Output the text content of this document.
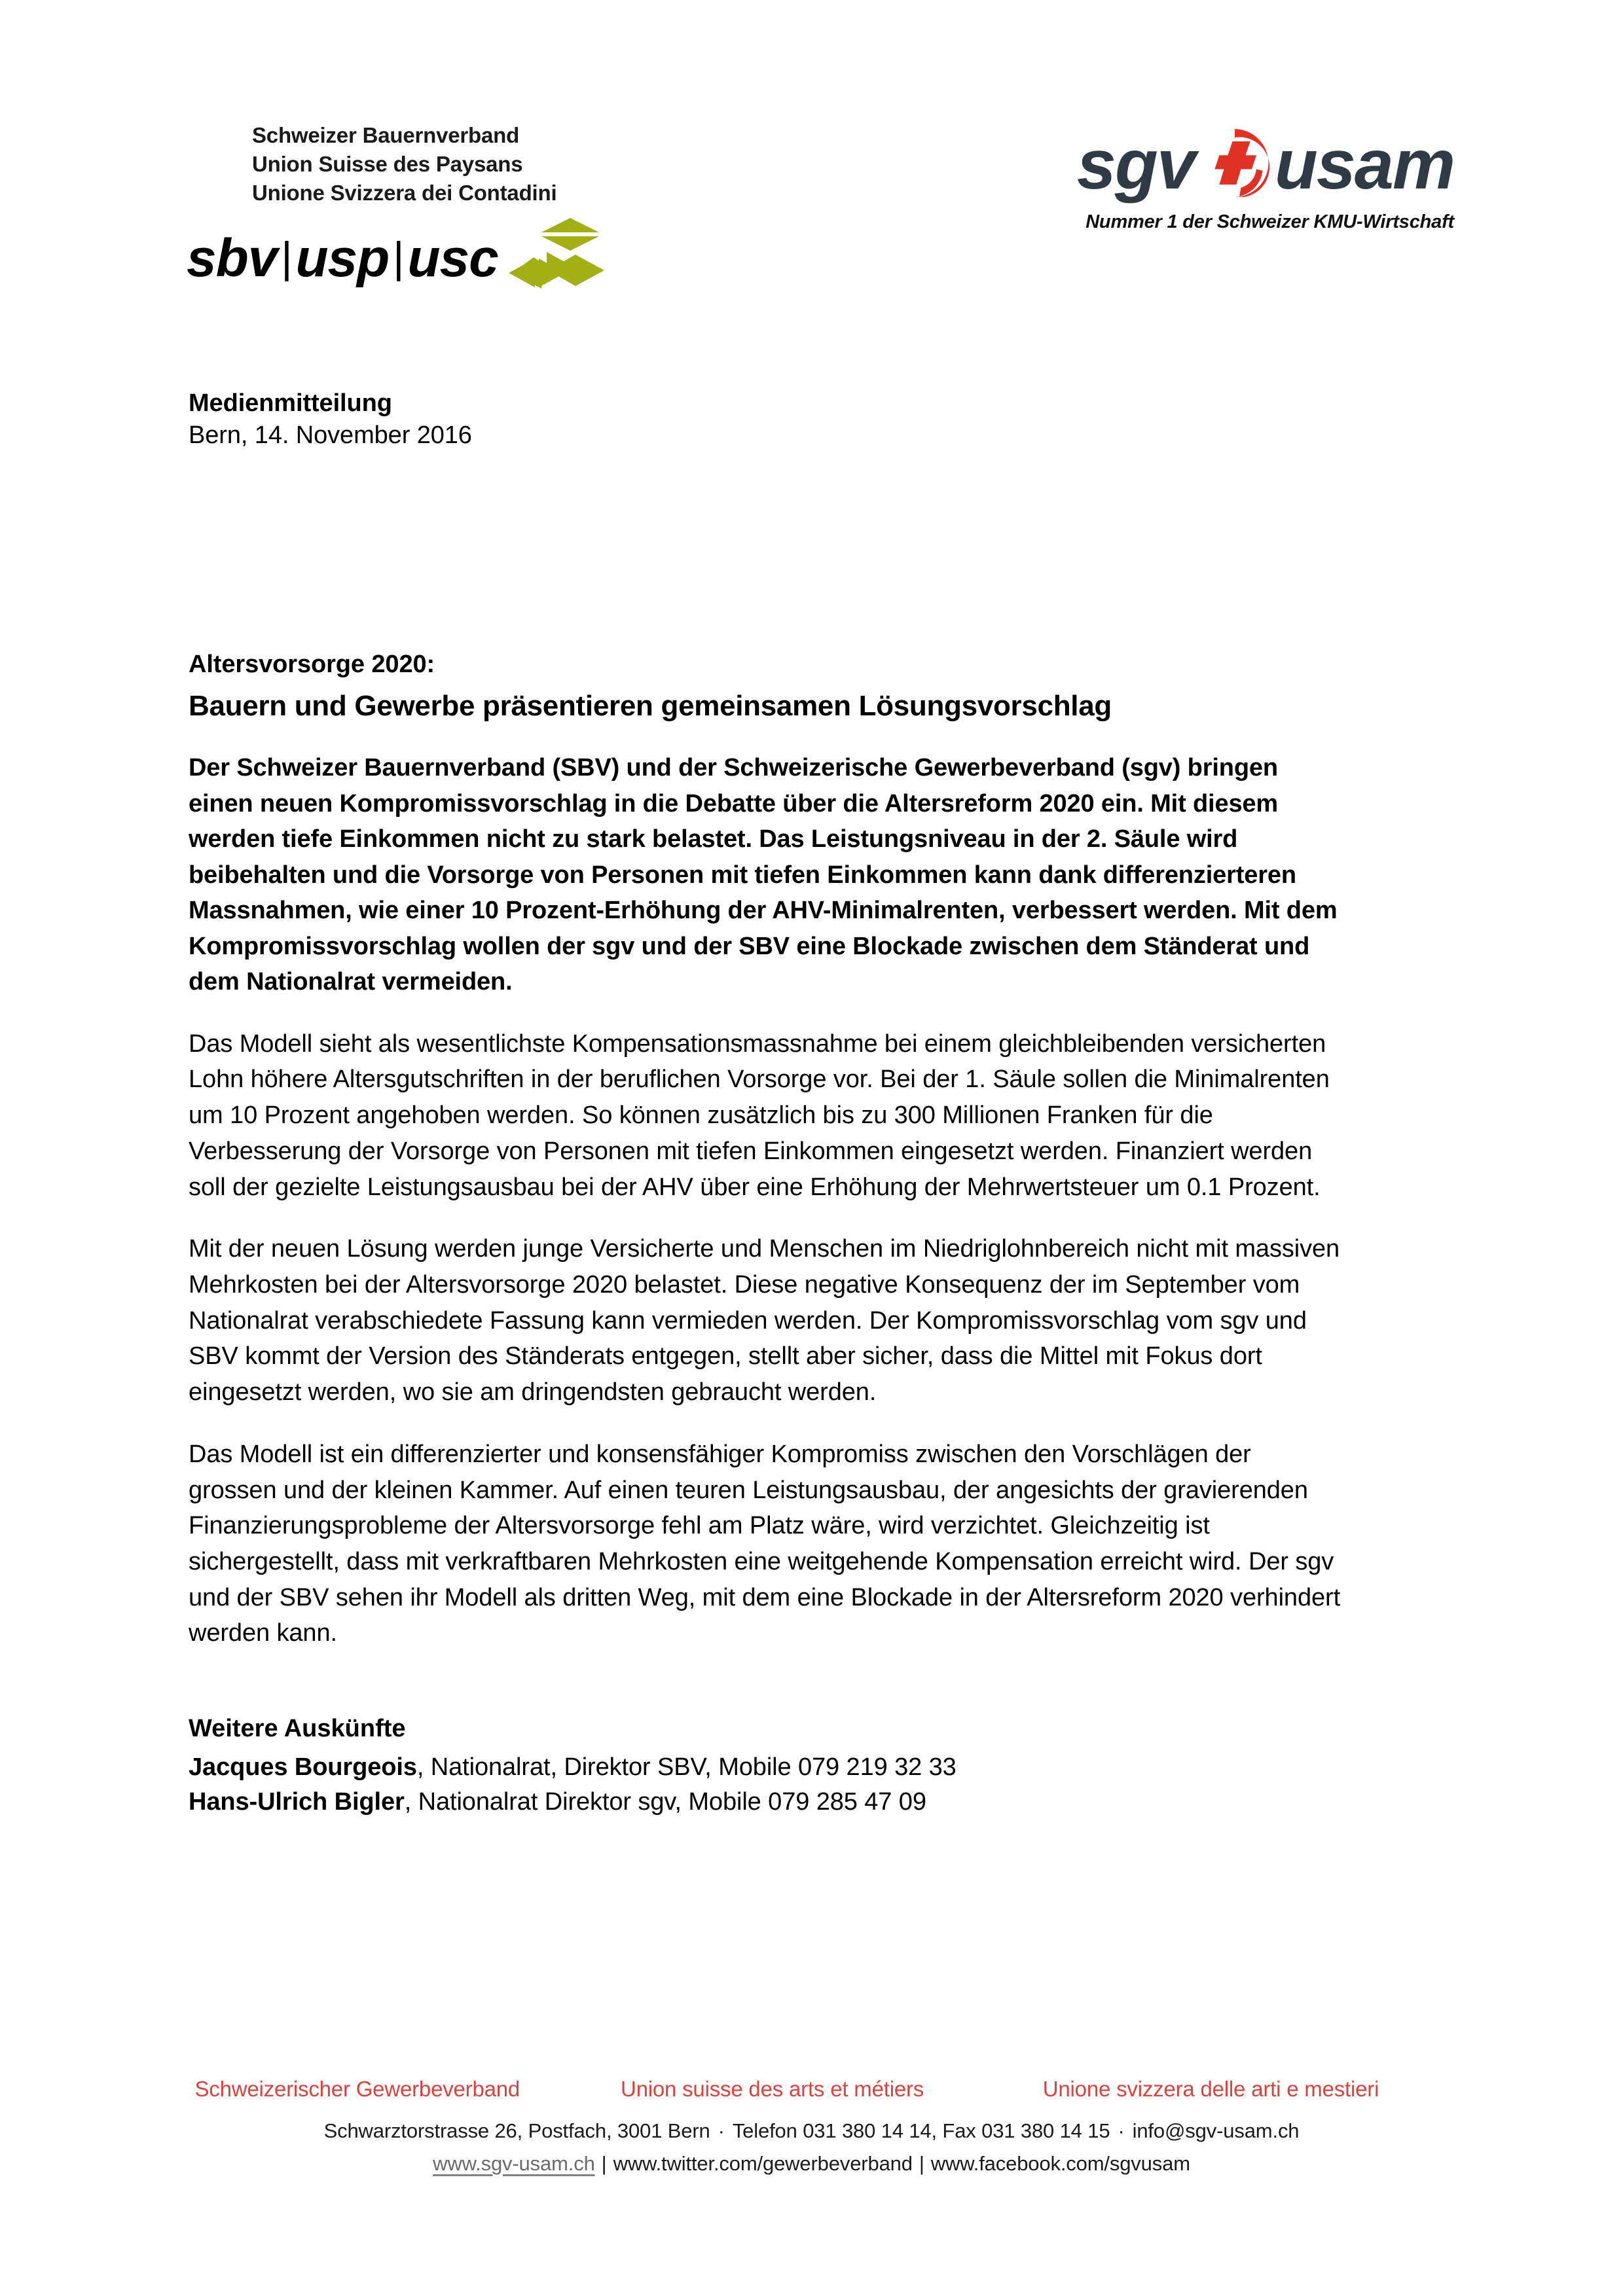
Schweizer Bauernverband
Union Suisse des Paysans
Unione Svizzera dei Contadini
sbv|usp|usc
sgv usam
Nummer 1 der Schweizer KMU-Wirtschaft
Medienmitteilung
Bern, 14. November 2016
Altersvorsorge 2020:
Bauern und Gewerbe präsentieren gemeinsamen Lösungsvorschlag

Der Schweizer Bauernverband (SBV) und der Schweizerische Gewerbeverband (sgv) bringen einen neuen Kompromissvorschlag in die Debatte über die Altersreform 2020 ein. Mit diesem werden tiefe Einkommen nicht zu stark belastet. Das Leistungsniveau in der 2. Säule wird beibehalten und die Vorsorge von Personen mit tiefen Einkommen kann dank differenzierteren Massnahmen, wie einer 10 Prozent-Erhöhung der AHV-Minimalrenten, verbessert werden. Mit dem Kompromissvorschlag wollen der sgv und der SBV eine Blockade zwischen dem Ständerat und dem Nationalrat vermeiden.

Das Modell sieht als wesentlichste Kompensationsmassnahme bei einem gleichbleibenden versicherten Lohn höhere Altersgutschriften in der beruflichen Vorsorge vor. Bei der 1. Säule sollen die Minimalrenten um 10 Prozent angehoben werden. So können zusätzlich bis zu 300 Millionen Franken für die Verbesserung der Vorsorge von Personen mit tiefen Einkommen eingesetzt werden. Finanziert werden soll der gezielte Leistungsausbau bei der AHV über eine Erhöhung der Mehrwertsteuer um 0.1 Prozent.

Mit der neuen Lösung werden junge Versicherte und Menschen im Niedriglohnbereich nicht mit massiven Mehrkosten bei der Altersvorsorge 2020 belastet. Diese negative Konsequenz der im September vom Nationalrat verabschiedete Fassung kann vermieden werden. Der Kompromissvorschlag vom sgv und SBV kommt der Version des Ständerats entgegen, stellt aber sicher, dass die Mittel mit Fokus dort eingesetzt werden, wo sie am dringendsten gebraucht werden.

Das Modell ist ein differenzierter und konsensfähiger Kompromiss zwischen den Vorschlägen der grossen und der kleinen Kammer. Auf einen teuren Leistungsausbau, der angesichts der gravierenden Finanzierungsprobleme der Altersvorsorge fehl am Platz wäre, wird verzichtet. Gleichzeitig ist sichergestellt, dass mit verkraftbaren Mehrkosten eine weitgehende Kompensation erreicht wird. Der sgv und der SBV sehen ihr Modell als dritten Weg, mit dem eine Blockade in der Altersreform 2020 verhindert werden kann.

Weitere Auskünfte
Jacques Bourgeois, Nationalrat, Direktor SBV, Mobile 079 219 32 33
Hans-Ulrich Bigler, Nationalrat Direktor sgv, Mobile 079 285 47 09
Schweizerischer Gewerbeverband	Union suisse des arts et métiers	Unione svizzera delle arti e mestieri
Schwarztorstrasse 26, Postfach, 3001 Bern · Telefon 031 380 14 14, Fax 031 380 14 15 · info@sgv-usam.ch
www.sgv-usam.ch | www.twitter.com/gewerbeverband | www.facebook.com/sgvusam
